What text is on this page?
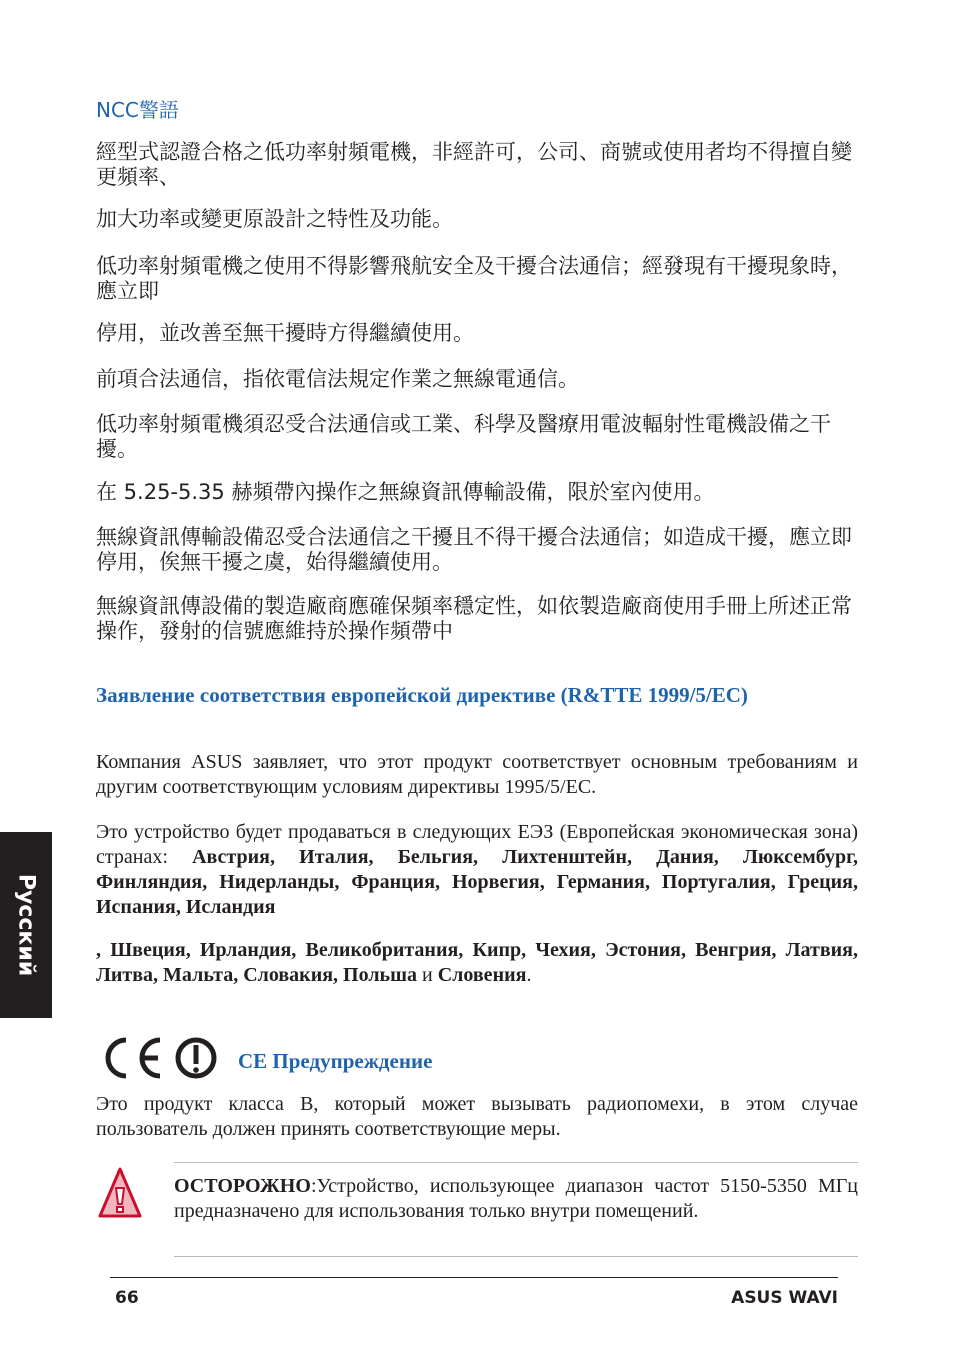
NCC警語

經型式認證合格之低功率射頻電機，非經許可，公司、商號或使用者均不得擅自變更頻率、

加大功率或變更原設計之特性及功能。

低功率射頻電機之使用不得影響飛航安全及干擾合法通信；經發現有干擾現象時，應立即

停用，並改善至無干擾時方得繼續使用。

前項合法通信，指依電信法規定作業之無線電通信。

低功率射頻電機須忍受合法通信或工業、科學及醫療用電波輻射性電機設備之干擾。

在 5.25-5.35 赫頻帶內操作之無線資訊傳輸設備，限於室內使用。

無線資訊傳輸設備忍受合法通信之干擾且不得干擾合法通信；如造成干擾，應立即停用，俟無干擾之虞，始得繼續使用。

無線資訊傳設備的製造廠商應確保頻率穩定性，如依製造廠商使用手冊上所述正常操作，發射的信號應維持於操作頻帶中

Заявление соответствия европейской директиве (R&TTE 1999/5/EC)

Компания ASUS заявляет, что этот продукт соответствует основным требованиям и другим соответствующим условиям директивы 1995/5/EC.

Это устройство будет продаваться в следующих ЕЭЗ (Европейская экономическая зона) странах: Австрия, Италия, Бельгия, Лихтенштейн, Дания, Люксембург, Финляндия, Нидерланды, Франция, Норвегия, Германия, Португалия, Греция, Испания, Исландия

, Швеция, Ирландия, Великобритания, Кипр, Чехия, Эстония, Венгрия, Латвия, Литва, Мальта, Словакия, Польша и Словения.

CE Предупреждение

Это продукт класса B, который может вызывать радиопомехи, в этом случае пользователь должен принять соответствующие меры.

ОСТОРОЖНО:Устройство, использующее диапазон частот 5150-5350 МГц предназначено для использования только внутри помещений.

Русский

66	ASUS WAVI
